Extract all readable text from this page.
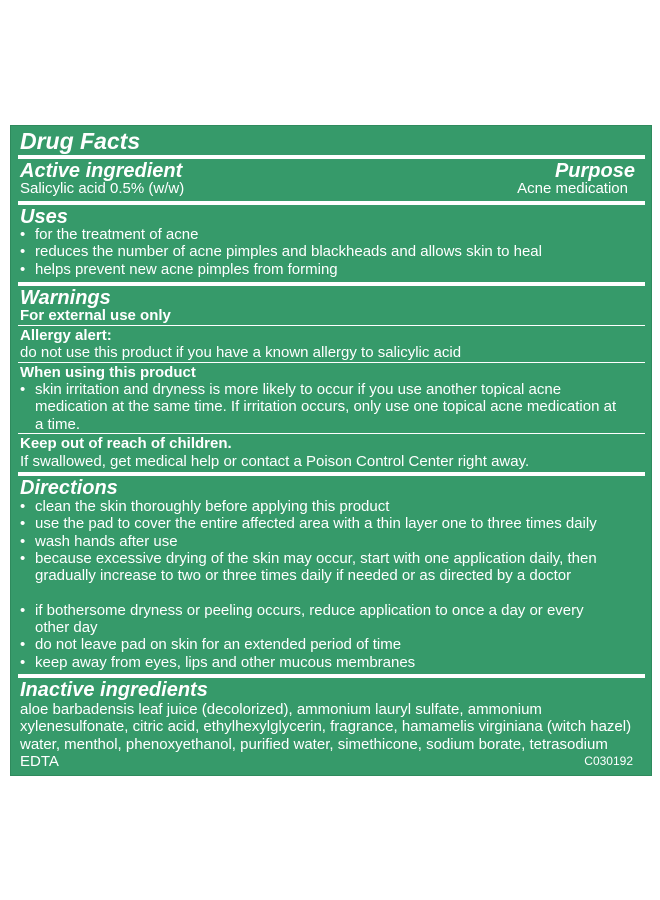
Drug Facts
Active ingredient	Purpose
Salicylic acid 0.5% (w/w)	Acne medication
Uses
• for the treatment of acne
• reduces the number of acne pimples and blackheads and allows skin to heal
• helps prevent new acne pimples from forming
Warnings
For external use only
Allergy alert:
do not use this product if you have a known allergy to salicylic acid
When using this product
• skin irritation and dryness is more likely to occur if you use another topical acne medication at the same time. If irritation occurs, only use one topical acne medication at a time.
Keep out of reach of children.
If swallowed, get medical help or contact a Poison Control Center right away.
Directions
• clean the skin thoroughly before applying this product
• use the pad to cover the entire affected area with a thin layer one to three times daily
• wash hands after use
• because excessive drying of the skin may occur, start with one application daily, then gradually increase to two or three times daily if needed or as directed by a doctor
• if bothersome dryness or peeling occurs, reduce application to once a day or every other day
• do not leave pad on skin for an extended period of time
• keep away from eyes, lips and other mucous membranes
Inactive ingredients
aloe barbadensis leaf juice (decolorized), ammonium lauryl sulfate, ammonium xylenesulfonate, citric acid, ethylhexylglycerin, fragrance, hamamelis virginiana (witch hazel) water, menthol, phenoxyethanol, purified water, simethicone, sodium borate, tetrasodium EDTA	C030192
